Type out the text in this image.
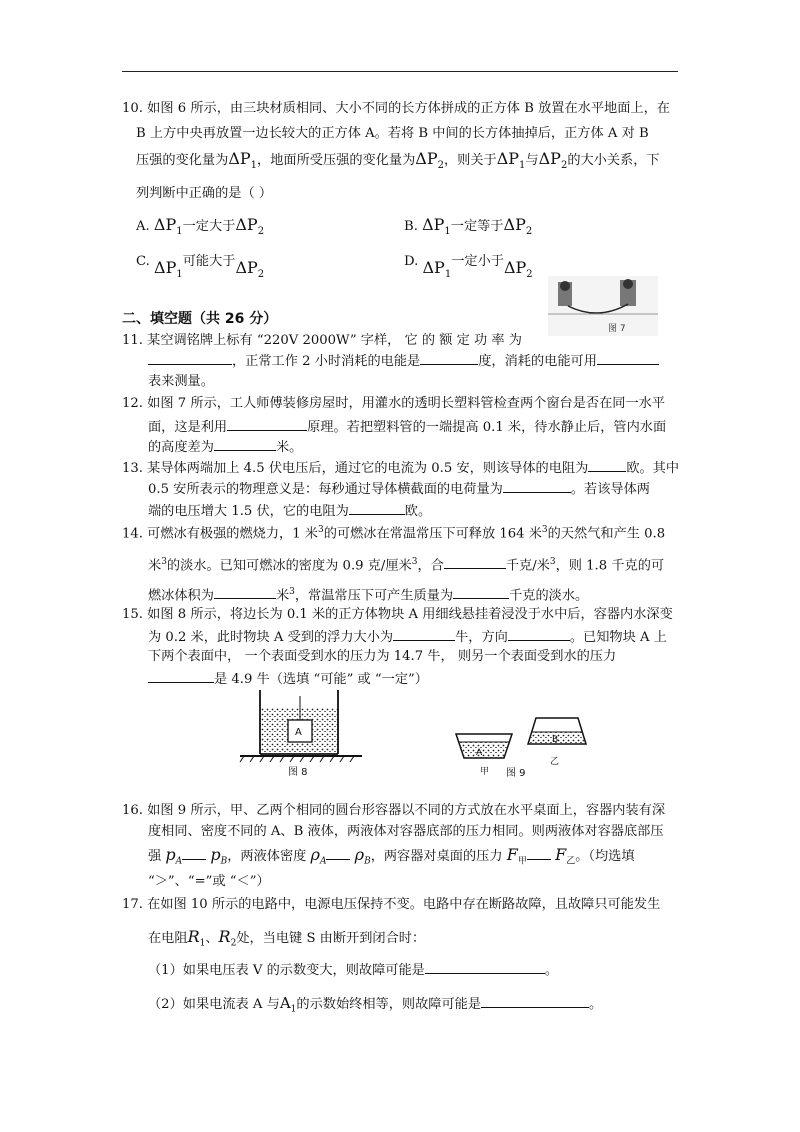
10. 如图 6 所示，由三块材质相同、大小不同的长方体拼成的正方体 B 放置在水平地面上，在
B 上方中央再放置一边长较大的正方体 A。若将 B 中间的长方体抽掉后，正方体 A 对 B
压强的变化量为$\Delta P_1$，地面所受压强的变化量为$\Delta P_2$，则关于$\Delta P_1$与$\Delta P_2$的大小关系，下
列判断中正确的是（ ）
A. $\Delta P_1$一定大于$\Delta P_2$	B. $\Delta P_1$一定等于$\Delta P_2$
C. $\Delta P_1$可能大于$\Delta P_2$
D. $\Delta P_1$一定小于$\Delta P_2$
图 7
二、填空题（共 26 分）
11. 某空调铭牌上标有 “220V 2000W” 字样， 它 的 额 定 功 率 为
，正常工作 2 小时消耗的电能是	度，消耗的电能可用
表来测量。
12. 如图 7 所示，工人师傅装修房屋时，用灌水的透明长塑料管检查两个窗台是否在同一水平
面，这是利用	原理。若把塑料管的一端提高 0.1 米，待水静止后，管内水面
的高度差为	米。
13. 某导体两端加上 4.5 伏电压后，通过它的电流为 0.5 安，则该导体的电阻为	欧。其中
0.5 安所表示的物理意义是：每秒通过导体横截面的电荷量为	。若该导体两
端的电压增大 1.5 伏，它的电阻为	欧。
14. 可燃冰有极强的燃烧力，1 米$^3$的可燃冰在常温常压下可释放 164 米$^3$的天然气和产生 0.8
米$^3$的淡水。已知可燃冰的密度为 0.9 克/厘米$^3$，合	千克/米$^3$，则 1.8 千克的可
燃冰体积为	米$^3$，常温常压下可产生质量为	千克的淡水。
15. 如图 8 所示，将边长为 0.1 米的正方体物块 A 用细线悬挂着浸没于水中后，容器内水深变
为 0.2 米，此时物块 A 受到的浮力大小为	牛，方向	。已知物块 A 上
下两个表面中， 一个表面受到水的压力为 14.7 牛， 则另一个表面受到水的压力
是 4.9 牛（选填 “可能” 或 “一定”）
A
图 8
A
B
甲 图 9
乙
16. 如图 9 所示，甲、乙两个相同的圆台形容器以不同的方式放在水平桌面上，容器内装有深
度相同、密度不同的 A、B 液体，两液体对容器底部的压力相同。则两液体对容器底部压
强 $p_A$ $p_B$，两液体密度 $\rho_A$ $\rho_B$，两容器对桌面的压力 $F_甲$ $F_乙$。（均选填
“＞”、“=”或 “＜”）
17. 在如图 10 所示的电路中，电源电压保持不变。电路中存在断路故障，且故障只可能发生
在电阻$R_1$、$R_2$处，当电键 S 由断开到闭合时：
（1）如果电压表 V 的示数变大，则故障可能是	。
（2）如果电流表 A 与$A_1$的示数始终相等，则故障可能是	。
